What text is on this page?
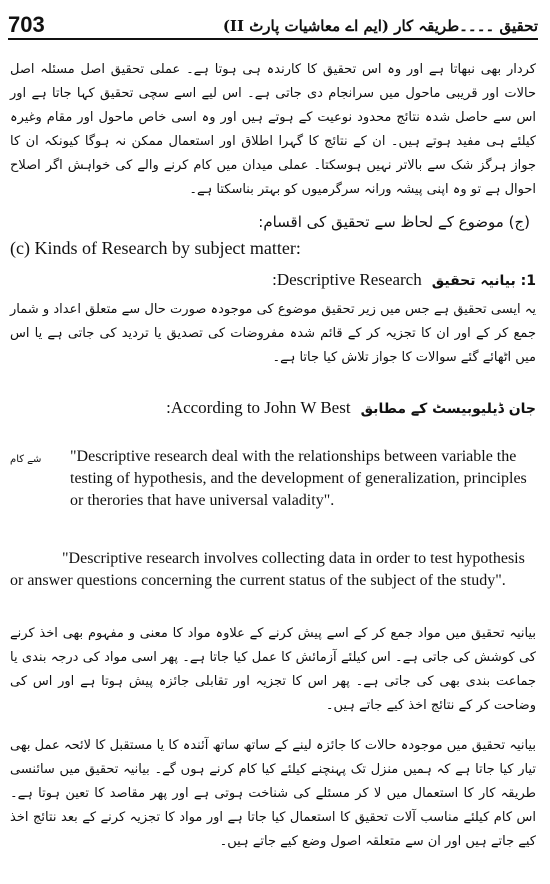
703	تحقیق ۔۔۔۔طریقہ کار (ایم اے معاشیات پارٹ II)

کردار بھی نبھاتا ہے اور وہ اس تحقیق کا کارندہ ہی ہوتا ہے۔ عملی تحقیق اصل مسئلہ اصل حالات اور قریبی ماحول میں سرانجام دی جاتی ہے۔ اس لیے اسے سچی تحقیق کہا جاتا ہے اور اس سے حاصل شدہ نتائج محدود نوعیت کے ہوتے ہیں اور وہ اسی خاص ماحول اور مقام وغیرہ کیلئے ہی مفید ہوتے ہیں۔ ان کے نتائج کا گہرا اطلاق اور استعمال ممکن نہ ہوگا کیونکہ ان کا جواز ہرگز شک سے بالاتر نہیں ہوسکتا۔ عملی میدان میں کام کرنے والے کی خواہش اگر اصلاح احوال ہے تو وہ اپنی پیشہ ورانہ سرگرمیوں کو بہتر بناسکتا ہے۔

(ج) موضوع کے لحاظ سے تحقیق کی اقسام:

(c) Kinds of Research by subject matter:

1: بیانیہ تحقیق
:Descriptive Research

یہ ایسی تحقیق ہے جس میں زیر تحقیق موضوع کی موجودہ صورت حال سے متعلق اعداد و شمار جمع کر کے اور ان کا تجزیہ کر کے قائم شدہ مفروضات کی تصدیق یا تردید کی جاتی ہے یا اس میں اٹھائے گئے سوالات کا جواز تلاش کیا جاتا ہے۔

جان ڈیلیوبیسٹ کے مطابق
:According to John W Best
شے کام "Descriptive research deal with the relationships between variable the testing of hypothesis, and the development of generalization, principles or therories that have universal valadity".

"Descriptive research involves collecting data in order to test hypothesis or answer questions concerning the current status of the subject of the study".

بیانیہ تحقیق میں مواد جمع کر کے اسے پیش کرنے کے علاوہ مواد کا معنی و مفہوم بھی اخذ کرنے کی کوشش کی جاتی ہے۔ اس کیلئے آزمائش کا عمل کیا جاتا ہے۔ پھر اسی مواد کی درجہ بندی یا جماعت بندی بھی کی جاتی ہے۔ پھر اس کا تجزیہ اور تقابلی جائزہ پیش ہوتا ہے اور اس کی وضاحت کر کے نتائج اخذ کیے جاتے ہیں۔

بیانیہ تحقیق میں موجودہ حالات کا جائزہ لینے کے ساتھ ساتھ آئندہ کا یا مستقبل کا لائحہ عمل بھی تیار کیا جاتا ہے کہ ہمیں منزل تک پہنچنے کیلئے کیا کام کرنے ہوں گے۔ بیانیہ تحقیق میں سائنسی طریقہ کار کا استعمال میں لا کر مسئلے کی شناخت ہوتی ہے اور پھر مقاصد کا تعین ہوتا ہے۔ اس کام کیلئے مناسب آلات تحقیق کا استعمال کیا جاتا ہے اور مواد کا تجزیہ کرنے کے بعد نتائج اخذ کیے جاتے ہیں اور ان سے متعلقہ اصول وضع کیے جاتے ہیں۔
